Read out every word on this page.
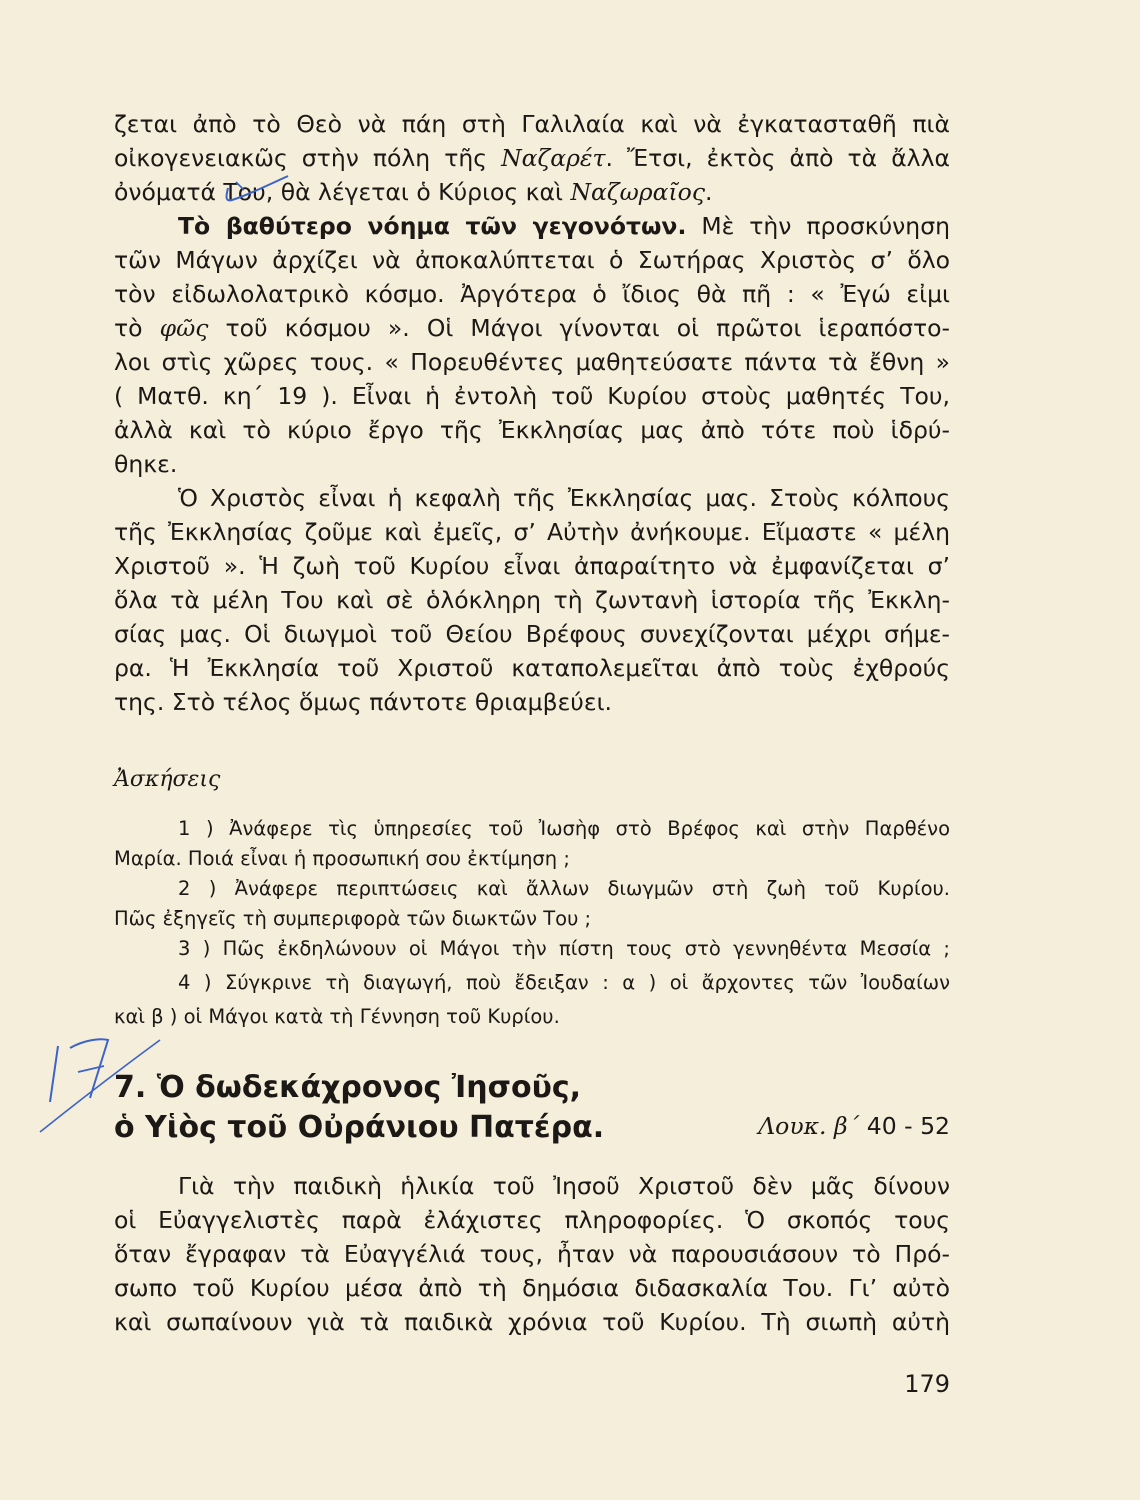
ζεται ἀπὸ τὸ Θεὸ νὰ πάη στὴ Γαλιλαία καὶ νὰ ἐγκατασταθῆ πιὰ
οἰκογενειακῶς στὴν πόλη τῆς Ναζαρέτ. Ἔτσι, ἐκτὸς ἀπὸ τὰ ἄλλα
ὀνόματά Του, θὰ λέγεται ὁ Κύριος καὶ Ναζωραῖος.
Τὸ βαθύτερο νόημα τῶν γεγονότων. Μὲ τὴν προσκύνηση
τῶν Μάγων ἀρχίζει νὰ ἀποκαλύπτεται ὁ Σωτήρας Χριστὸς σ’ ὅλο
τὸν εἰδωλολατρικὸ κόσμο. Ἀργότερα ὁ ἴδιος θὰ πῆ : « Ἐγώ εἰμι
τὸ φῶς τοῦ κόσμου ». Οἱ Μάγοι γίνονται οἱ πρῶτοι ἱεραπόστο-
λοι στὶς χῶρες τους. « Πορευθέντες μαθητεύσατε πάντα τὰ ἔθνη »
( Ματθ. κη΄ 19 ). Εἶναι ἡ ἐντολὴ τοῦ Κυρίου στοὺς μαθητές Του,
ἀλλὰ καὶ τὸ κύριο ἔργο τῆς Ἐκκλησίας μας ἀπὸ τότε ποὺ ἱδρύ-
θηκε.
Ὁ Χριστὸς εἶναι ἡ κεφαλὴ τῆς Ἐκκλησίας μας. Στοὺς κόλπους
τῆς Ἐκκλησίας ζοῦμε καὶ ἐμεῖς, σ’ Αὐτὴν ἀνήκουμε. Εἴμαστε « μέλη
Χριστοῦ ». Ἡ ζωὴ τοῦ Κυρίου εἶναι ἀπαραίτητο νὰ ἐμφανίζεται σ’
ὅλα τὰ μέλη Του καὶ σὲ ὁλόκληρη τὴ ζωντανὴ ἱστορία τῆς Ἐκκλη-
σίας μας. Οἱ διωγμοὶ τοῦ Θείου Βρέφους συνεχίζονται μέχρι σήμε-
ρα. Ἡ Ἐκκλησία τοῦ Χριστοῦ καταπολεμεῖται ἀπὸ τοὺς ἐχθρούς
της. Στὸ τέλος ὅμως πάντοτε θριαμβεύει.
Ἀσκήσεις
1 ) Ἀνάφερε τὶς ὑπηρεσίες τοῦ Ἰωσὴφ στὸ Βρέφος καὶ στὴν Παρθένο
Μαρία. Ποιά εἶναι ἡ προσωπική σου ἐκτίμηση ;
2 ) Ἀνάφερε περιπτώσεις καὶ ἄλλων διωγμῶν στὴ ζωὴ τοῦ Κυρίου.
Πῶς ἐξηγεῖς τὴ συμπεριφορὰ τῶν διωκτῶν Του ;
3 ) Πῶς ἐκδηλώνουν οἱ Μάγοι τὴν πίστη τους στὸ γεννηθέντα Μεσσία ;
4 ) Σύγκρινε τὴ διαγωγή, ποὺ ἔδειξαν : α ) οἱ ἄρχοντες τῶν Ἰουδαίων
καὶ β ) οἱ Μάγοι κατὰ τὴ Γέννηση τοῦ Κυρίου.
7. Ὁ δωδεκάχρονος Ἰησοῦς,
ὁ Υἱὸς τοῦ Οὐράνιου Πατέρα.	Λουκ. β΄ 40 - 52
Γιὰ τὴν παιδικὴ ἡλικία τοῦ Ἰησοῦ Χριστοῦ δὲν μᾶς δίνουν
οἱ Εὐαγγελιστὲς παρὰ ἐλάχιστες πληροφορίες. Ὁ σκοπός τους
ὅταν ἔγραφαν τὰ Εὐαγγέλιά τους, ἦταν νὰ παρουσιάσουν τὸ Πρό-
σωπο τοῦ Κυρίου μέσα ἀπὸ τὴ δημόσια διδασκαλία Του. Γι’ αὐτὸ
καὶ σωπαίνουν γιὰ τὰ παιδικὰ χρόνια τοῦ Κυρίου. Τὴ σιωπὴ αὐτὴ
179
